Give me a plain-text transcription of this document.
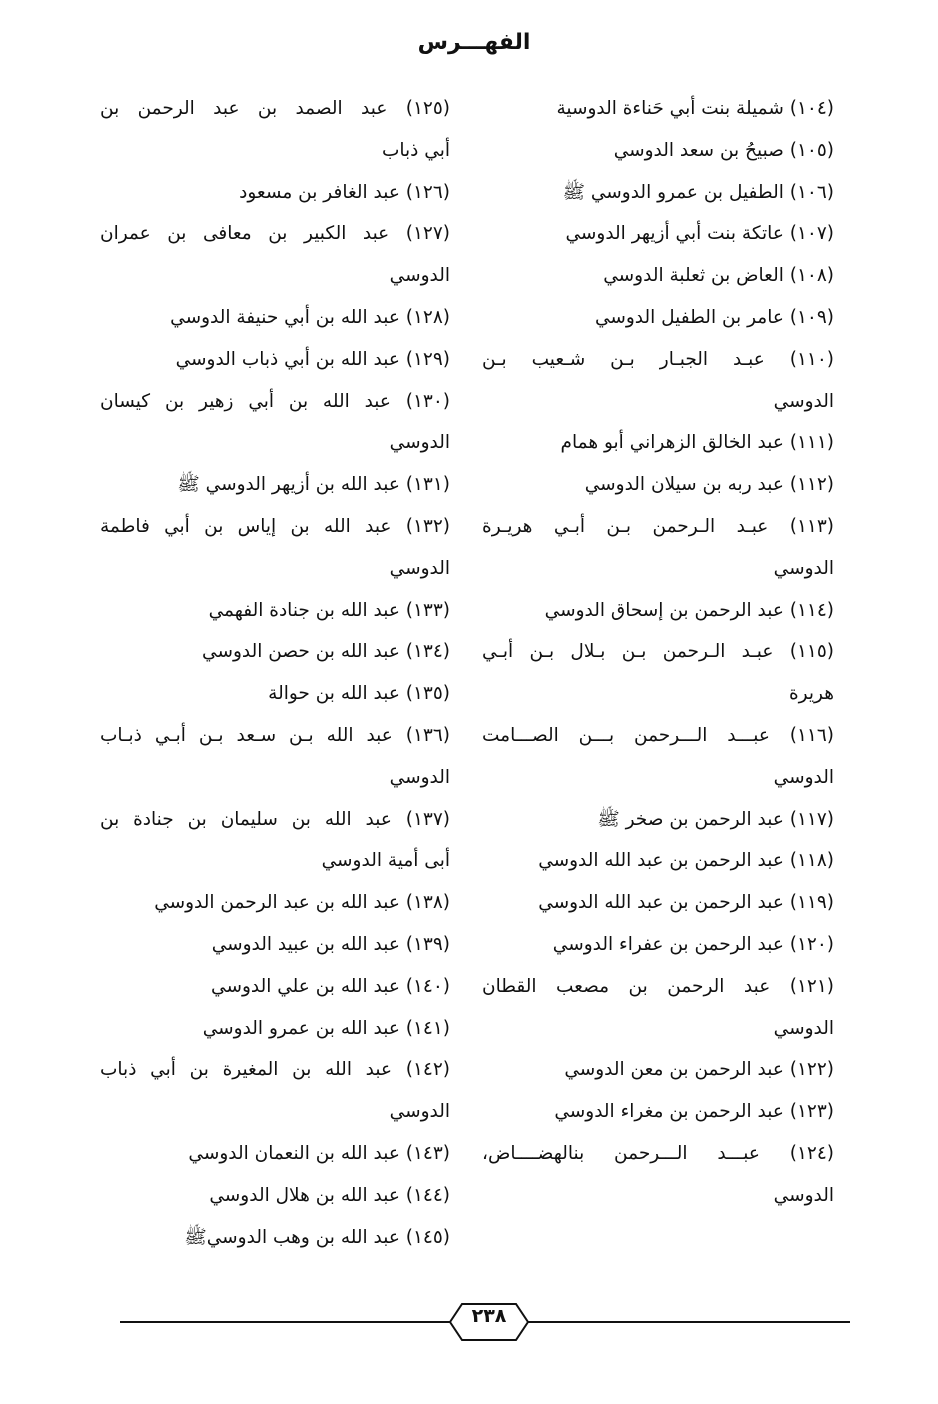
الفهـــرس
(١٠٤) شميلة بنت أبي حَناءة الدوسية
(١٠٥) صبيحُ بن سعد الدوسي
(١٠٦) الطفيل بن عمرو الدوسي ﷺ
(١٠٧) عاتكة بنت أبي أزيهر الدوسي
(١٠٨) العاض بن ثعلبة الدوسي
(١٠٩) عامر بن الطفيل الدوسي
(١١٠) عبـد الجبـار بـن شـعيب بـن
الدوسي
(١١١) عبد الخالق الزهراني أبو همام
(١١٢) عبد ربه بن سيلان الدوسي
(١١٣) عبـد الـرحمن بـن أبـي هريـرة
الدوسي
(١١٤) عبد الرحمن بن إسحاق الدوسي
(١١٥) عبـد الـرحمن بـن بـلال بـن أبـي
هريرة
(١١٦) عبـــد الـــرحمن بـــن الصـــامت
الدوسي
(١١٧) عبد الرحمن بن صخر ﷺ
(١١٨) عبد الرحمن بن عبد الله الدوسي
(١١٩) عبد الرحمن بن عبد الله الدوسي
(١٢٠) عبد الرحمن بن عفراء الدوسي
(١٢١) عبد الرحمن بن مصعب القطان
الدوسي
(١٢٢) عبد الرحمن بن معن الدوسي
(١٢٣) عبد الرحمن بن مغراء الدوسي
(١٢٤) عبـــد الـــرحمن بنالهضــــاض،
الدوسي
(١٢٥) عبد الصمد بن عبد الرحمن بن
أبي ذباب
(١٢٦) عبد الغافر بن مسعود
(١٢٧) عبد الكبير بن معافى بن عمران
الدوسي
(١٢٨) عبد الله بن أبي حنيفة الدوسي
(١٢٩) عبد الله بن أبي ذباب الدوسي
(١٣٠) عبد الله بن أبي زهير بن كيسان
الدوسي
(١٣١) عبد الله بن أزيهر الدوسي ﷺ
(١٣٢) عبد الله بن إياس بن أبي فاطمة
الدوسي
(١٣٣) عبد الله بن جنادة الفهمي
(١٣٤) عبد الله بن حصن الدوسي
(١٣٥) عبد الله بن حوالة
(١٣٦) عبد الله بـن سـعد بـن أبـي ذبـاب
الدوسي
(١٣٧) عبد الله بن سليمان بن جنادة بن
أبى أمية الدوسي
(١٣٨) عبد الله بن عبد الرحمن الدوسي
(١٣٩) عبد الله بن عبيد الدوسي
(١٤٠) عبد الله بن علي الدوسي
(١٤١) عبد الله بن عمرو الدوسي
(١٤٢) عبد الله بن المغيرة بن أبي ذباب
الدوسي
(١٤٣) عبد الله بن النعمان الدوسي
(١٤٤) عبد الله بن هلال الدوسي
(١٤٥) عبد الله بن وهب الدوسيﷺ
٢٣٨
